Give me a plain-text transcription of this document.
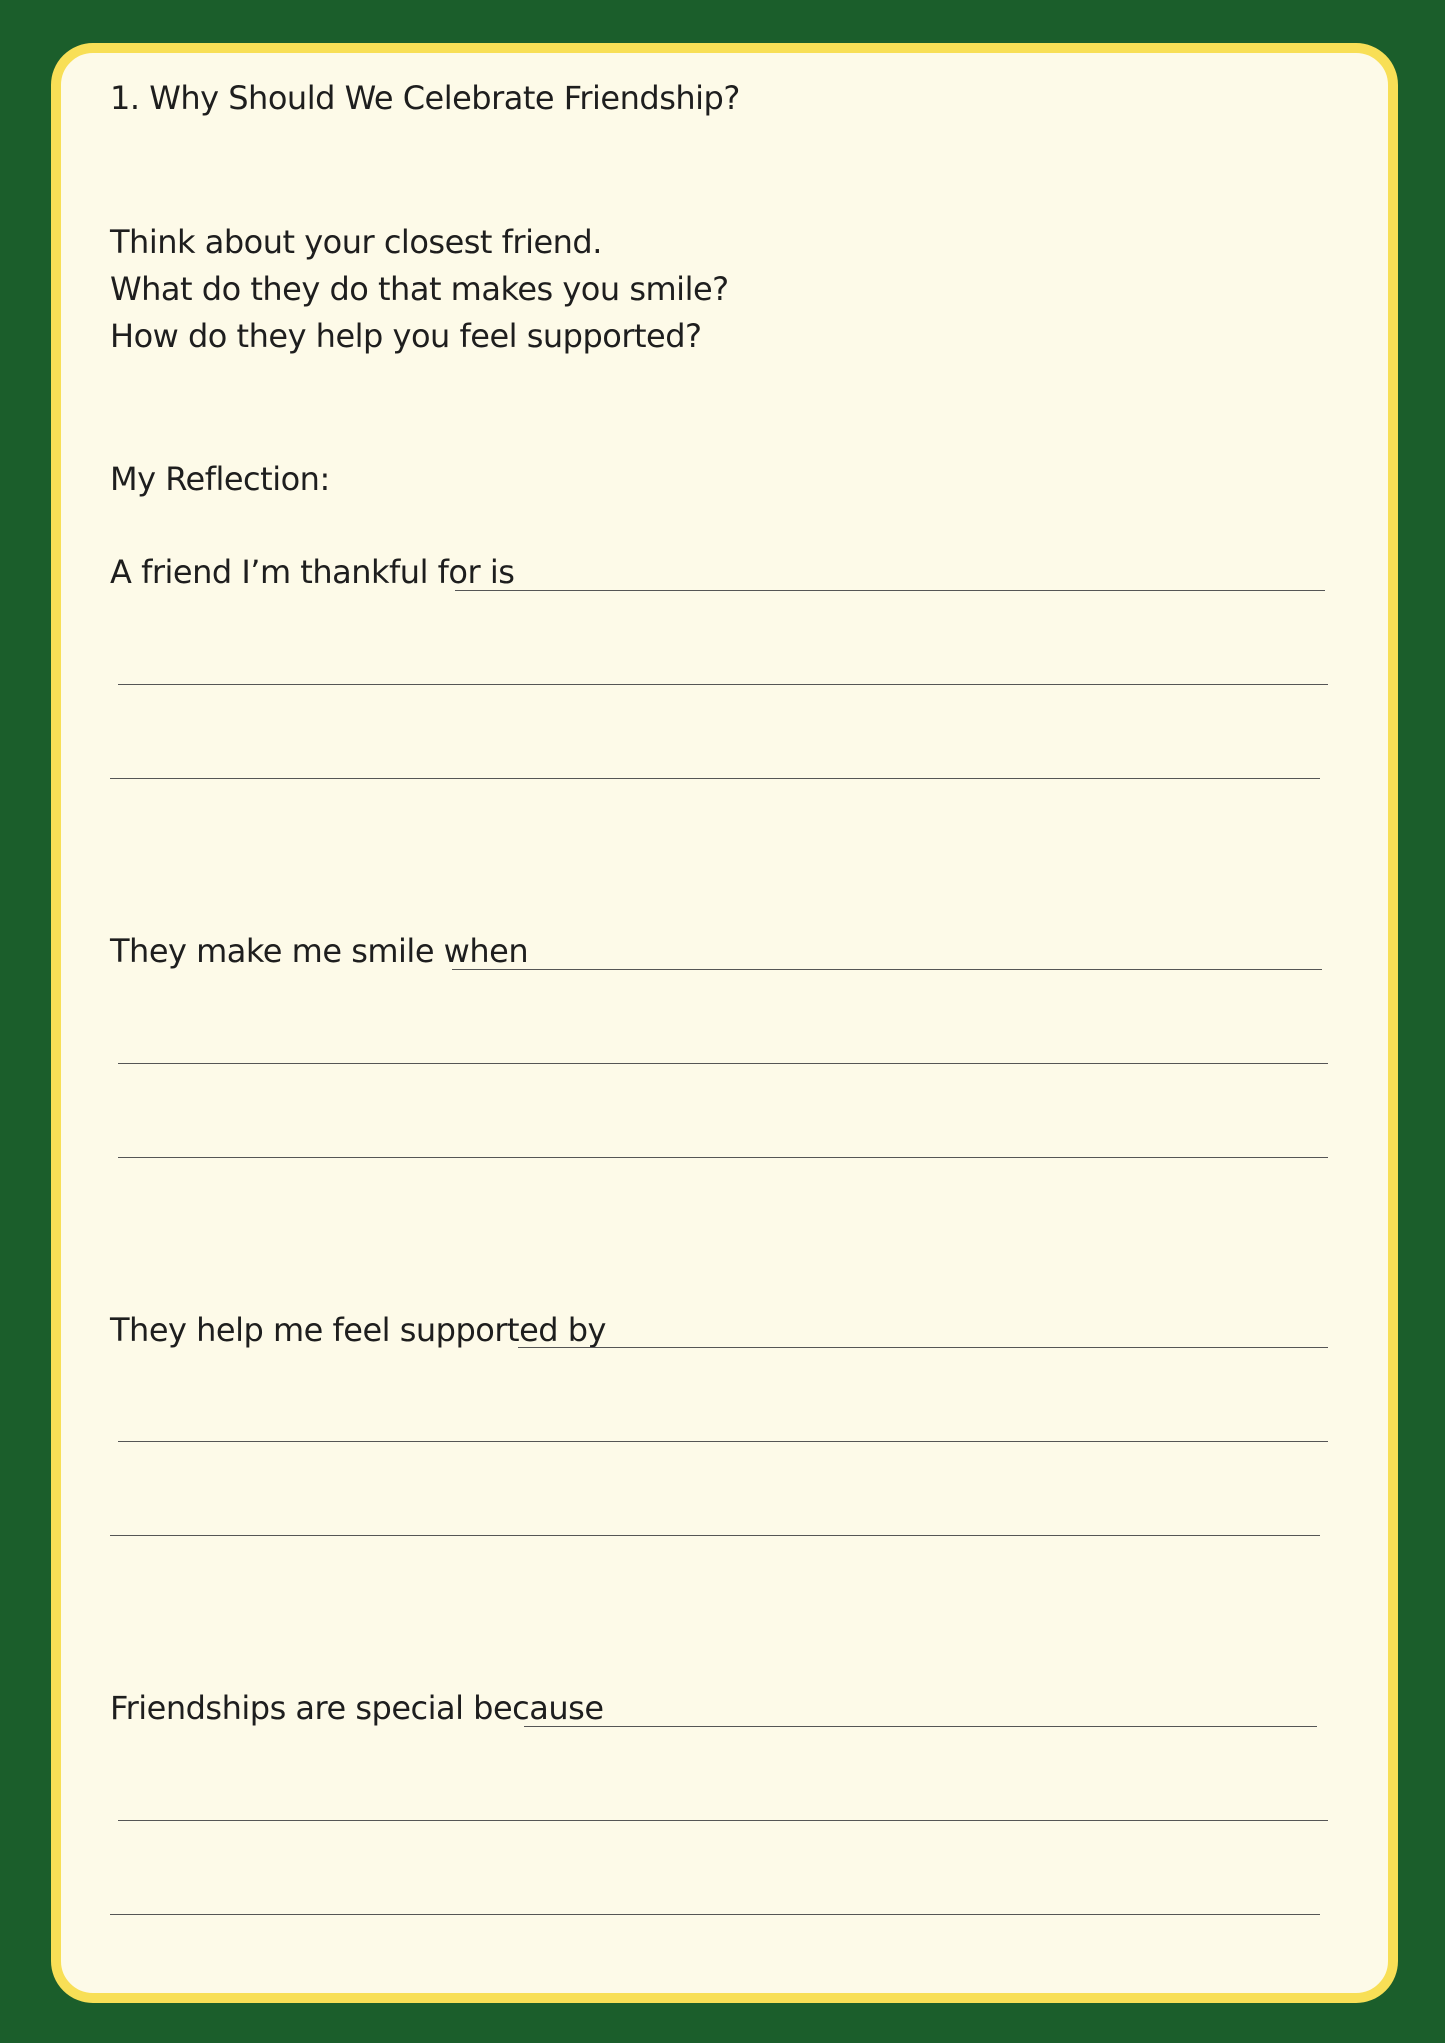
1. Why Should We Celebrate Friendship?
Think about your closest friend.
What do they do that makes you smile?
How do they help you feel supported?
My Reflection:
A friend I’m thankful for is
They make me smile when
They help me feel supported by
Friendships are special because
